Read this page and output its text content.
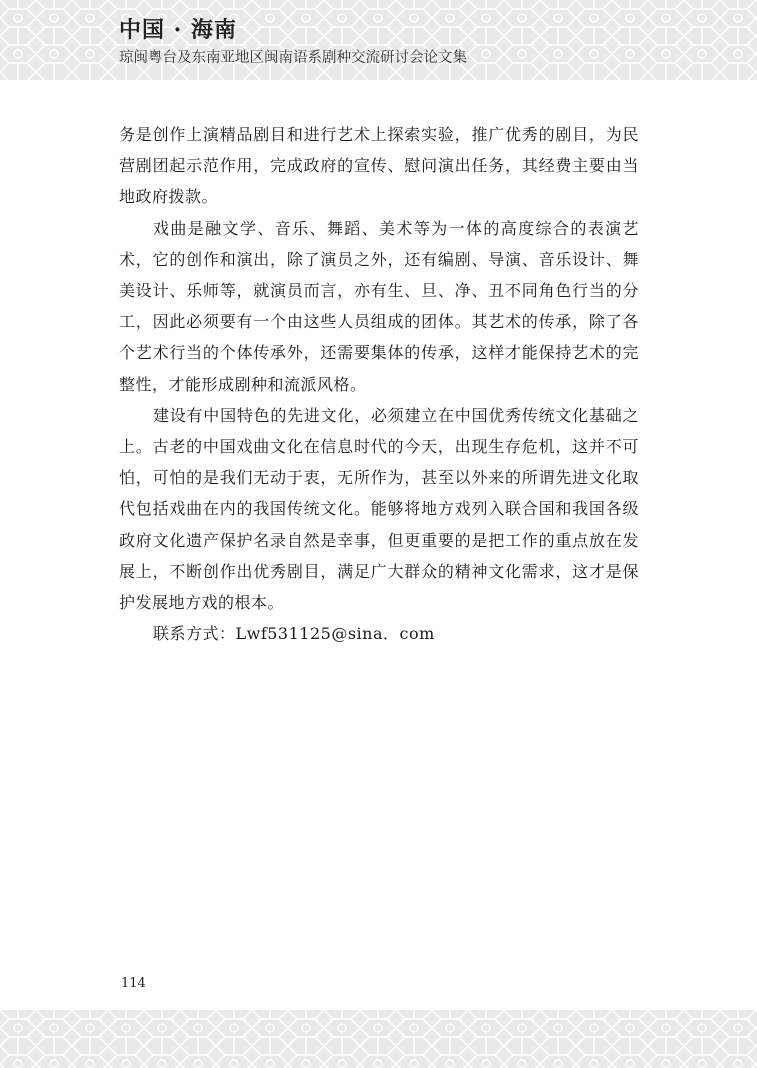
中国 · 海南
琼闽粤台及东南亚地区闽南语系剧种交流研讨会论文集

务是创作上演精品剧目和进行艺术上探索实验，推广优秀的剧目，为民营剧团起示范作用，完成政府的宣传、慰问演出任务，其经费主要由当地政府拨款。

戏曲是融文学、音乐、舞蹈、美术等为一体的高度综合的表演艺术，它的创作和演出，除了演员之外，还有编剧、导演、音乐设计、舞美设计、乐师等，就演员而言，亦有生、旦、净、丑不同角色行当的分工，因此必须要有一个由这些人员组成的团体。其艺术的传承，除了各个艺术行当的个体传承外，还需要集体的传承，这样才能保持艺术的完整性，才能形成剧种和流派风格。

建设有中国特色的先进文化，必须建立在中国优秀传统文化基础之上。古老的中国戏曲文化在信息时代的今天，出现生存危机，这并不可怕，可怕的是我们无动于衷，无所作为，甚至以外来的所谓先进文化取代包括戏曲在内的我国传统文化。能够将地方戏列入联合国和我国各级政府文化遗产保护名录自然是幸事，但更重要的是把工作的重点放在发展上，不断创作出优秀剧目，满足广大群众的精神文化需求，这才是保护发展地方戏的根本。

联系方式：Lwf531125@sina．com

114
